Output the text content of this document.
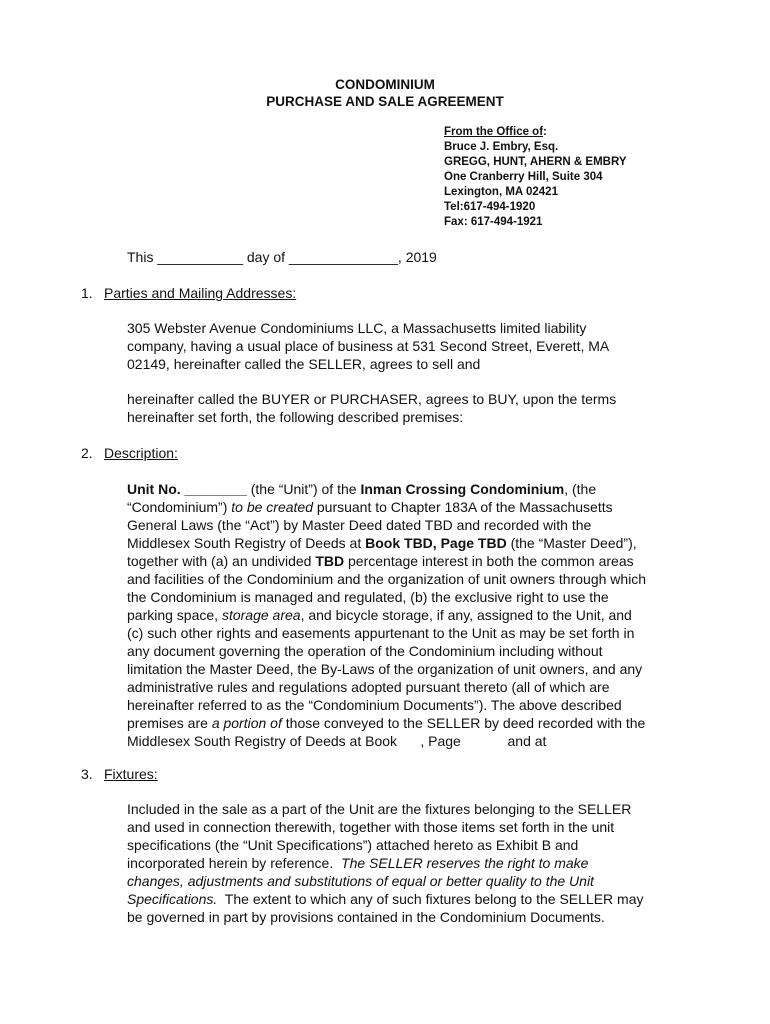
CONDOMINIUM
PURCHASE AND SALE AGREEMENT
From the Office of:
Bruce J. Embry, Esq.
GREGG, HUNT, AHERN & EMBRY
One Cranberry Hill, Suite 304
Lexington, MA 02421
Tel:617-494-1920
Fax: 617-494-1921
This ___________ day of ______________, 2019
1. Parties and Mailing Addresses:
305 Webster Avenue Condominiums LLC, a Massachusetts limited liability
company, having a usual place of business at 531 Second Street, Everett, MA
02149, hereinafter called the SELLER, agrees to sell and
hereinafter called the BUYER or PURCHASER, agrees to BUY, upon the terms
hereinafter set forth, the following described premises:
2. Description:
Unit No. ________ (the “Unit”) of the Inman Crossing Condominium, (the
“Condominium”) to be created pursuant to Chapter 183A of the Massachusetts
General Laws (the “Act”) by Master Deed dated TBD and recorded with the
Middlesex South Registry of Deeds at Book TBD, Page TBD (the “Master Deed”),
together with (a) an undivided TBD percentage interest in both the common areas
and facilities of the Condominium and the organization of unit owners through which
the Condominium is managed and regulated, (b) the exclusive right to use the
parking space, storage area, and bicycle storage, if any, assigned to the Unit, and
(c) such other rights and easements appurtenant to the Unit as may be set forth in
any document governing the operation of the Condominium including without
limitation the Master Deed, the By-Laws of the organization of unit owners, and any
administrative rules and regulations adopted pursuant thereto (all of which are
hereinafter referred to as the “Condominium Documents”). The above described
premises are a portion of those conveyed to the SELLER by deed recorded with the
Middlesex South Registry of Deeds at Book      , Page            and at
3. Fixtures:
Included in the sale as a part of the Unit are the fixtures belonging to the SELLER
and used in connection therewith, together with those items set forth in the unit
specifications (the “Unit Specifications”) attached hereto as Exhibit B and
incorporated herein by reference.  The SELLER reserves the right to make
changes, adjustments and substitutions of equal or better quality to the Unit
Specifications.  The extent to which any of such fixtures belong to the SELLER may
be governed in part by provisions contained in the Condominium Documents.
